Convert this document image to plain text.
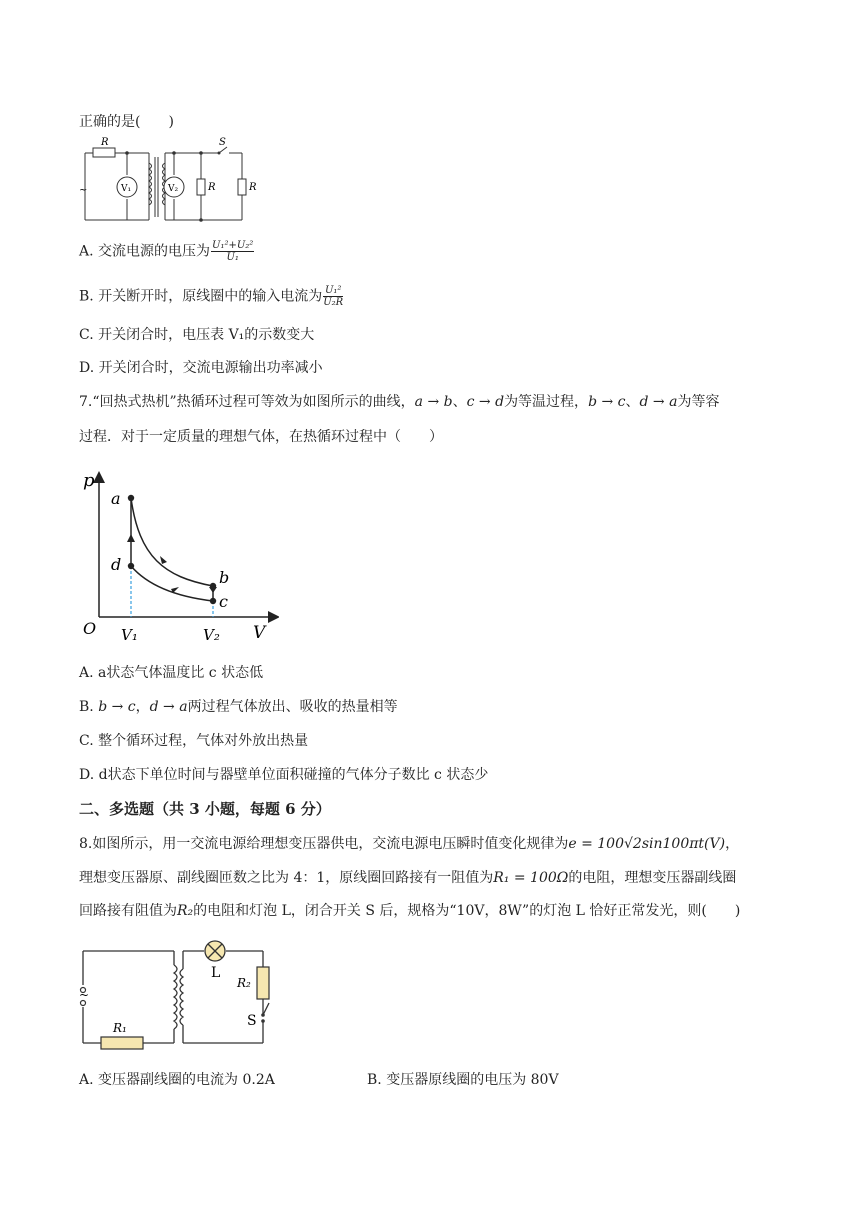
正确的是(　　)
R	S
V₁	V₂	R	R
~
A. 交流电源的电压为 $\frac{\text{U₁²+U₂²}}{\text{U₁}}$
B. 开关断开时，原线圈中的输入电流为 $\frac{\text{U₁²}}{\text{U₂R}}$
C. 开关闭合时，电压表 V₁的示数变大
D. 开关闭合时，交流电源输出功率减小
7.“回热式热机”热循环过程可等效为如图所示的曲线，a → b、c → d为等温过程，b → c、d → a为等容
过程．对于一定质量的理想气体，在热循环过程中（　　）
p
a
d
b
c
O V₁	V₂ V
A. a状态气体温度比 c 状态低
B. b → c，d → a两过程气体放出、吸收的热量相等
C. 整个循环过程，气体对外放出热量
D. d状态下单位时间与器壁单位面积碰撞的气体分子数比 c 状态少
二、多选题（共 3 小题，每题 6 分）
8.如图所示，用一交流电源给理想变压器供电，交流电源电压瞬时值变化规律为e = 100√2sin100πt(V)，
理想变压器原、副线圈匝数之比为 4：1，原线圈回路接有一阻值为R₁ = 100Ω的电阻，理想变压器副线圈
回路接有阻值为R₂的电阻和灯泡 L，闭合开关 S 后，规格为“10V，8W”的灯泡 L 恰好正常发光，则(　　)
~
R₁
L
R₂
S
A. 变压器副线圈的电流为 0.2A	B. 变压器原线圈的电压为 80V
